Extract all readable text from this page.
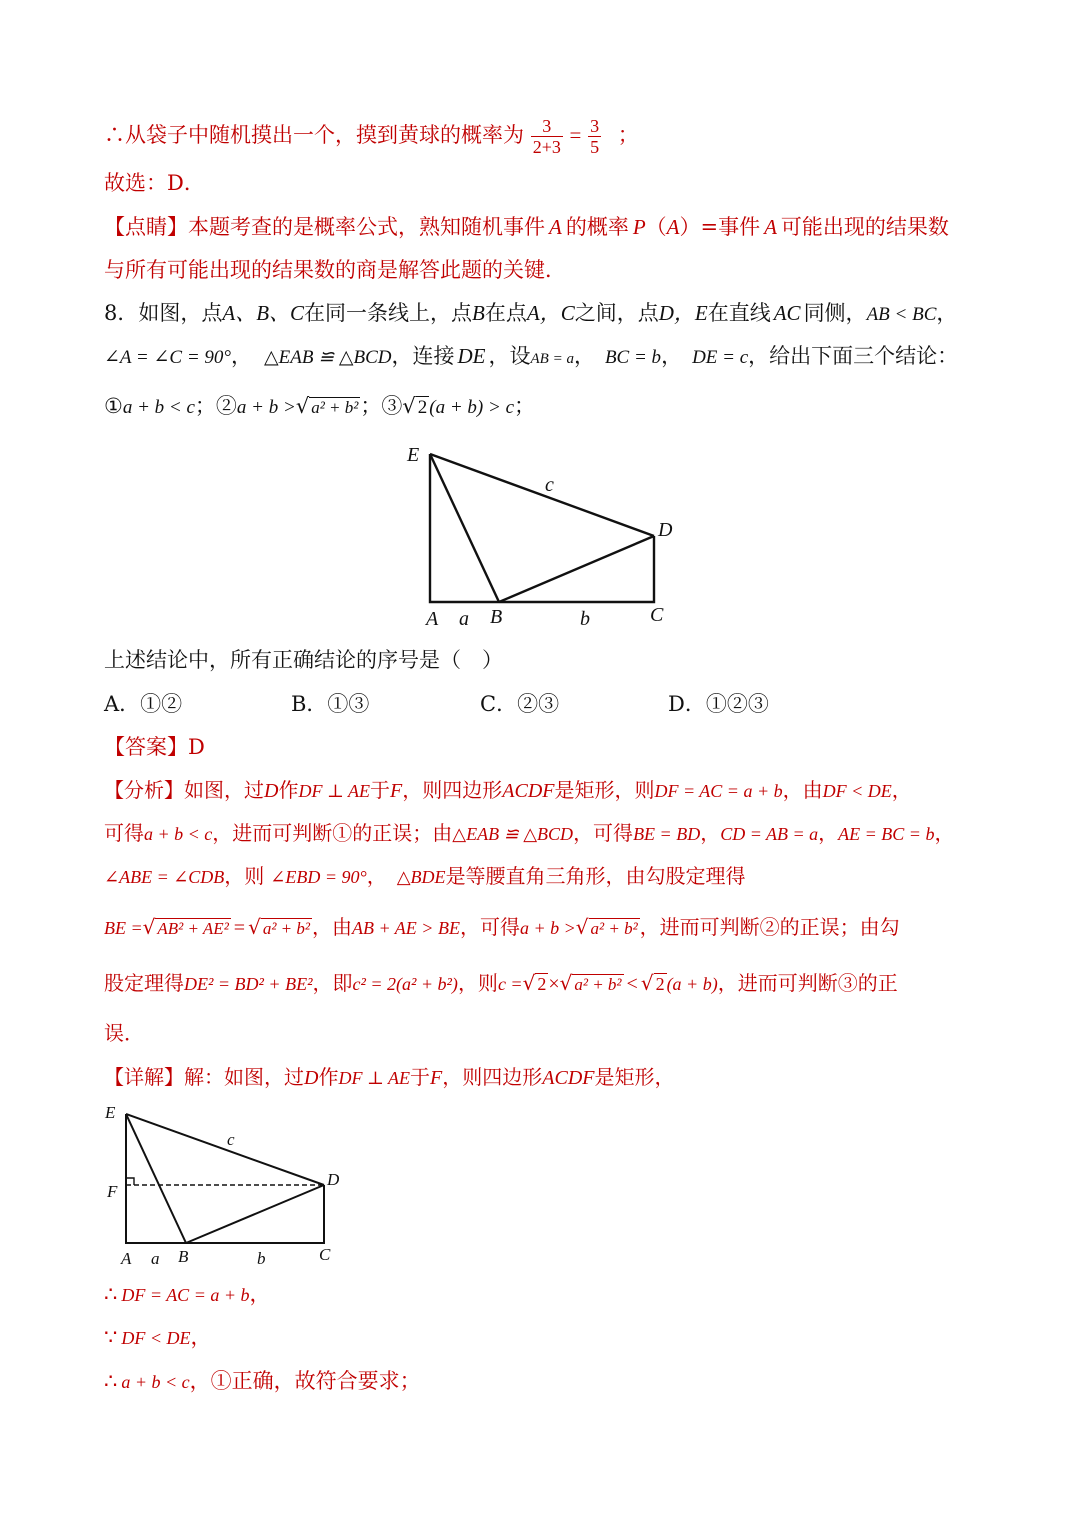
∴从袋子中随机摸出一个，摸到黄球的概率为 $\frac{3}{2+3} = \frac{3}{5}$ ；
故选：D．
【点睛】本题考查的是概率公式，熟知随机事件 A 的概率 P（A）=事件 A 可能出现的结果数
与所有可能出现的结果数的商是解答此题的关键．
8．如图，点A、B、C在同一条线上，点B在点A，C之间，点D，E在直线 AC 同侧，AB < BC，
∠A = ∠C = 90°， △EAB ≌ △BCD，连接 DE ，设AB = a， BC = b， DE = c，给出下面三个结论：
①a + b < c；②a + b >√ a² + b²；③√ 2 (a + b) > c；
E
c
D
A a B	b	C
上述结论中，所有正确结论的序号是（　）
A．①②	B．①③	C．②③	D．①②③
【答案】D
【分析】如图，过D作DF ⊥ AE于F，则四边形ACDF是矩形，则DF = AC = a + b，由DF < DE，
可得a + b < c，进而可判断①的正误；由△EAB ≌ △BCD，可得BE = BD，CD = AB = a，AE = BC = b，
∠ABE = ∠CDB，则 ∠EBD = 90°， △BDE是等腰直角三角形，由勾股定理得
BE =√ AB² + AE² = √ a² + b² ，由AB + AE > BE，可得a + b >√ a² + b² ，进而可判断②的正误；由勾
股定理得DE² = BD² + BE²，即c² = 2(a² + b²)，则c =√ 2 ×√ a² + b² < √ 2 (a + b)，进而可判断③的正
误．
【详解】解：如图，过D作DF ⊥ AE于F，则四边形ACDF是矩形，
E
c
F
D
A a B	b	C
∴ DF = AC = a + b，
∵ DF < DE，
∴ a + b < c，①正确，故符合要求；
